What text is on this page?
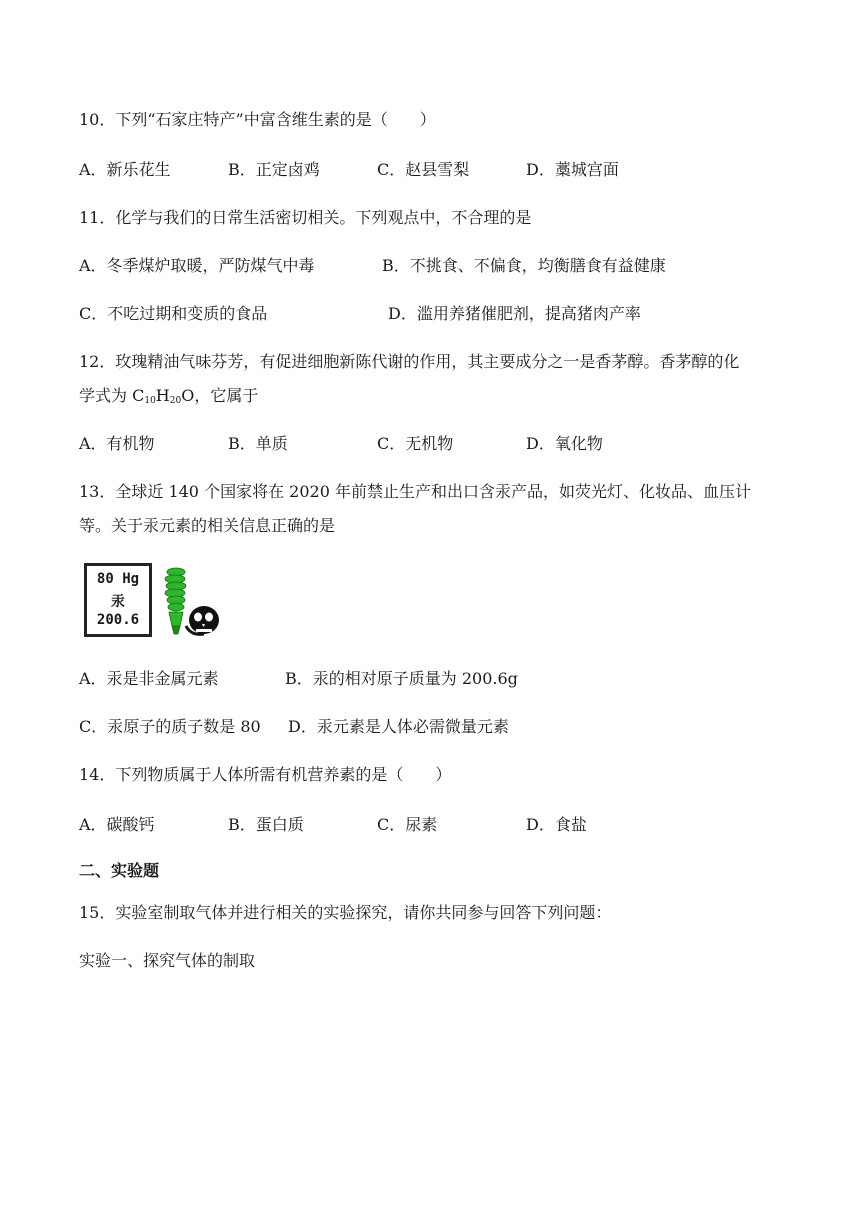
10．下列“石家庄特产”中富含维生素的是（　　）
A．新乐花生	B．正定卤鸡	C．赵县雪梨	D．藁城宫面
11．化学与我们的日常生活密切相关。下列观点中，不合理的是
A．冬季煤炉取暖，严防煤气中毒	B．不挑食、不偏食，均衡膳食有益健康
C．不吃过期和变质的食品	D．滥用养猪催肥剂，提高猪肉产率
12．玫瑰精油气味芬芳，有促进细胞新陈代谢的作用，其主要成分之一是香茅醇。香茅醇的化
学式为 $C_{10}H_{20}O$，它属于
A．有机物	B．单质	C．无机物	D．氧化物
13．全球近 140 个国家将在 2020 年前禁止生产和出口含汞产品，如荧光灯、化妆品、血压计
等。关于汞元素的相关信息正确的是
80 Hg
汞
200.6
A．汞是非金属元素	B．汞的相对原子质量为 200.6g
C．汞原子的质子数是 80 D．汞元素是人体必需微量元素
14．下列物质属于人体所需有机营养素的是（　　）
A．碳酸钙	B．蛋白质	C．尿素	D．食盐
二、实验题
15．实验室制取气体并进行相关的实验探究，请你共同参与回答下列问题：
实验一、探究气体的制取
